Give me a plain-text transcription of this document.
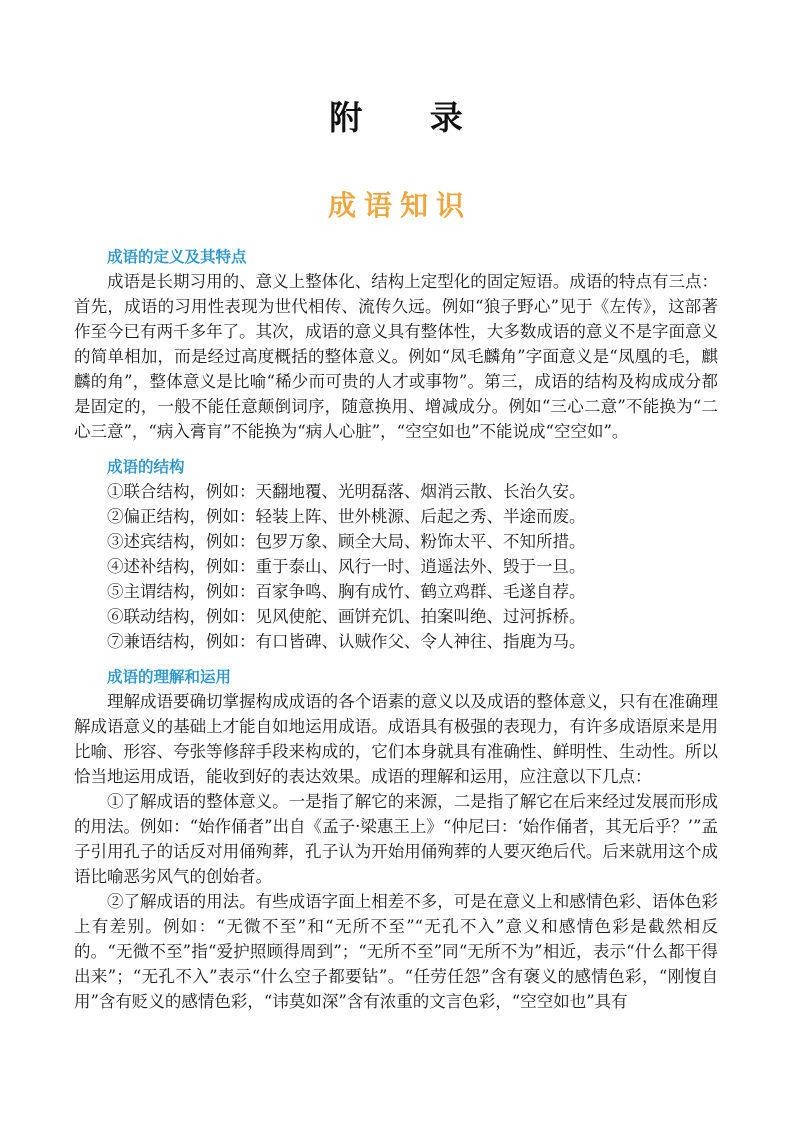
附 录
成语知识
成语的定义及其特点

成语是长期习用的、意义上整体化、结构上定型化的固定短语。成语的特点有三点：首先，成语的习用性表现为世代相传、流传久远。例如“狼子野心”见于《左传》，这部著作至今已有两千多年了。其次，成语的意义具有整体性，大多数成语的意义不是字面意义的简单相加，而是经过高度概括的整体意义。例如“凤毛麟角”字面意义是“凤凰的毛，麒麟的角”，整体意义是比喻“稀少而可贵的人才或事物”。第三，成语的结构及构成成分都是固定的，一般不能任意颠倒词序，随意换用、增减成分。例如“三心二意”不能换为“二心三意”，“病入膏肓”不能换为“病人心脏”，“空空如也”不能说成“空空如”。

成语的结构
①联合结构，例如：天翻地覆、光明磊落、烟消云散、长治久安。
②偏正结构，例如：轻装上阵、世外桃源、后起之秀、半途而废。
③述宾结构，例如：包罗万象、顾全大局、粉饰太平、不知所措。
④述补结构，例如：重于泰山、风行一时、逍遥法外、毁于一旦。
⑤主谓结构，例如：百家争鸣、胸有成竹、鹤立鸡群、毛遂自荐。
⑥联动结构，例如：见风使舵、画饼充饥、拍案叫绝、过河拆桥。
⑦兼语结构，例如：有口皆碑、认贼作父、令人神往、指鹿为马。
成语的理解和运用

理解成语要确切掌握构成成语的各个语素的意义以及成语的整体意义，只有在准确理解成语意义的基础上才能自如地运用成语。成语具有极强的表现力，有许多成语原来是用比喻、形容、夸张等修辞手段来构成的，它们本身就具有准确性、鲜明性、生动性。所以恰当地运用成语，能收到好的表达效果。成语的理解和运用，应注意以下几点：

①了解成语的整体意义。一是指了解它的来源，二是指了解它在后来经过发展而形成的用法。例如：“始作俑者”出自《孟子·梁惠王上》“仲尼曰：‘始作俑者，其无后乎？’”孟子引用孔子的话反对用俑殉葬，孔子认为开始用俑殉葬的人要灭绝后代。后来就用这个成语比喻恶劣风气的创始者。

②了解成语的用法。有些成语字面上相差不多，可是在意义上和感情色彩、语体色彩上有差别。例如：“无微不至”和“无所不至”“无孔不入”意义和感情色彩是截然相反的。“无微不至”指“爱护照顾得周到”；“无所不至”同“无所不为”相近，表示“什么都干得出来”；“无孔不入”表示“什么空子都要钻”。“任劳任怨”含有褒义的感情色彩，“刚愎自用”含有贬义的感情色彩，“讳莫如深”含有浓重的文言色彩，“空空如也”具有
